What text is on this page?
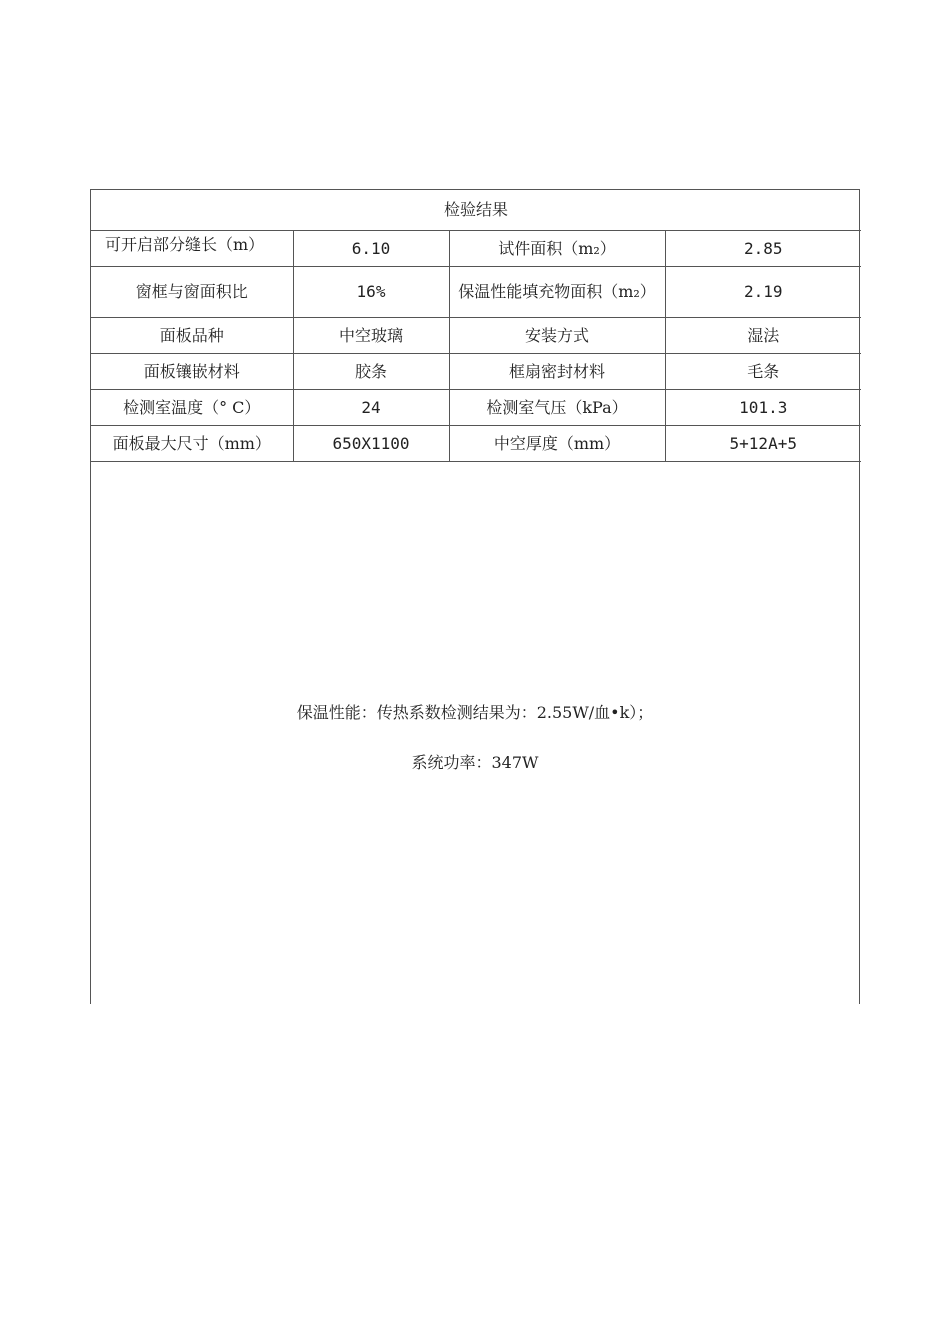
检验结果			

可开启部分缝长（m）	6.10	试件面积（m₂）	2.85
窗框与窗面积比	16%	保温性能填充物面积（m₂）	2.19
面板品种	中空玻璃	安装方式	湿法
面板镶嵌材料	胶条	框扇密封材料	毛条
检测室温度（° C）	24	检测室气压（kPa）	101.3
面板最大尺寸（mm）	650X1100	中空厚度（mm）	5+12A+5

保温性能：传热系数检测结果为：2.55W/血•k）；

系统功率：347W
